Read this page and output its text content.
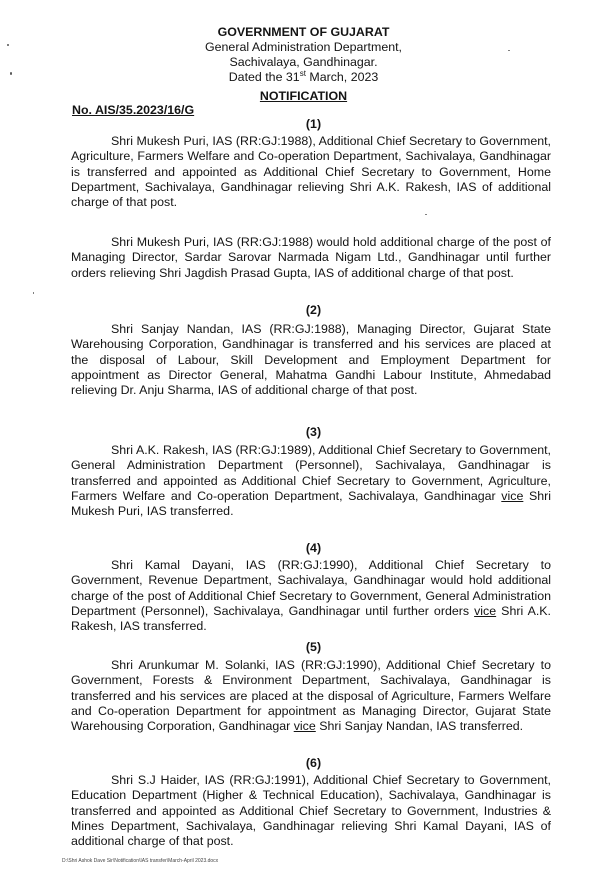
GOVERNMENT OF GUJARAT
General Administration Department,
Sachivalaya, Gandhinagar.
Dated the 31st March, 2023
NOTIFICATION
No. AIS/35.2023/16/G
(1)
Shri Mukesh Puri, IAS (RR:GJ:1988), Additional Chief Secretary to Government, Agriculture, Farmers Welfare and Co-operation Department, Sachivalaya, Gandhinagar is transferred and appointed as Additional Chief Secretary to Government, Home Department, Sachivalaya, Gandhinagar relieving Shri A.K. Rakesh, IAS of additional charge of that post.
Shri Mukesh Puri, IAS (RR:GJ:1988) would hold additional charge of the post of Managing Director, Sardar Sarovar Narmada Nigam Ltd., Gandhinagar until further orders relieving Shri Jagdish Prasad Gupta, IAS of additional charge of that post.
(2)
Shri Sanjay Nandan, IAS (RR:GJ:1988), Managing Director, Gujarat State Warehousing Corporation, Gandhinagar is transferred and his services are placed at the disposal of Labour, Skill Development and Employment Department for appointment as Director General, Mahatma Gandhi Labour Institute, Ahmedabad relieving Dr. Anju Sharma, IAS of additional charge of that post.
(3)
Shri A.K. Rakesh, IAS (RR:GJ:1989), Additional Chief Secretary to Government, General Administration Department (Personnel), Sachivalaya, Gandhinagar is transferred and appointed as Additional Chief Secretary to Government, Agriculture, Farmers Welfare and Co-operation Department, Sachivalaya, Gandhinagar vice Shri Mukesh Puri, IAS transferred.
(4)
Shri Kamal Dayani, IAS (RR:GJ:1990), Additional Chief Secretary to Government, Revenue Department, Sachivalaya, Gandhinagar would hold additional charge of the post of Additional Chief Secretary to Government, General Administration Department (Personnel), Sachivalaya, Gandhinagar until further orders vice Shri A.K. Rakesh, IAS transferred.
(5)
Shri Arunkumar M. Solanki, IAS (RR:GJ:1990), Additional Chief Secretary to Government, Forests & Environment Department, Sachivalaya, Gandhinagar is transferred and his services are placed at the disposal of Agriculture, Farmers Welfare and Co-operation Department for appointment as Managing Director, Gujarat State Warehousing Corporation, Gandhinagar vice Shri Sanjay Nandan, IAS transferred.
(6)
Shri S.J Haider, IAS (RR:GJ:1991), Additional Chief Secretary to Government, Education Department (Higher & Technical Education), Sachivalaya, Gandhinagar is transferred and appointed as Additional Chief Secretary to Government, Industries & Mines Department, Sachivalaya, Gandhinagar relieving Shri Kamal Dayani, IAS of additional charge of that post.
D:\Shri Ashok Dave Sir\Notification\IAS transfer\March-April 2023.docx
